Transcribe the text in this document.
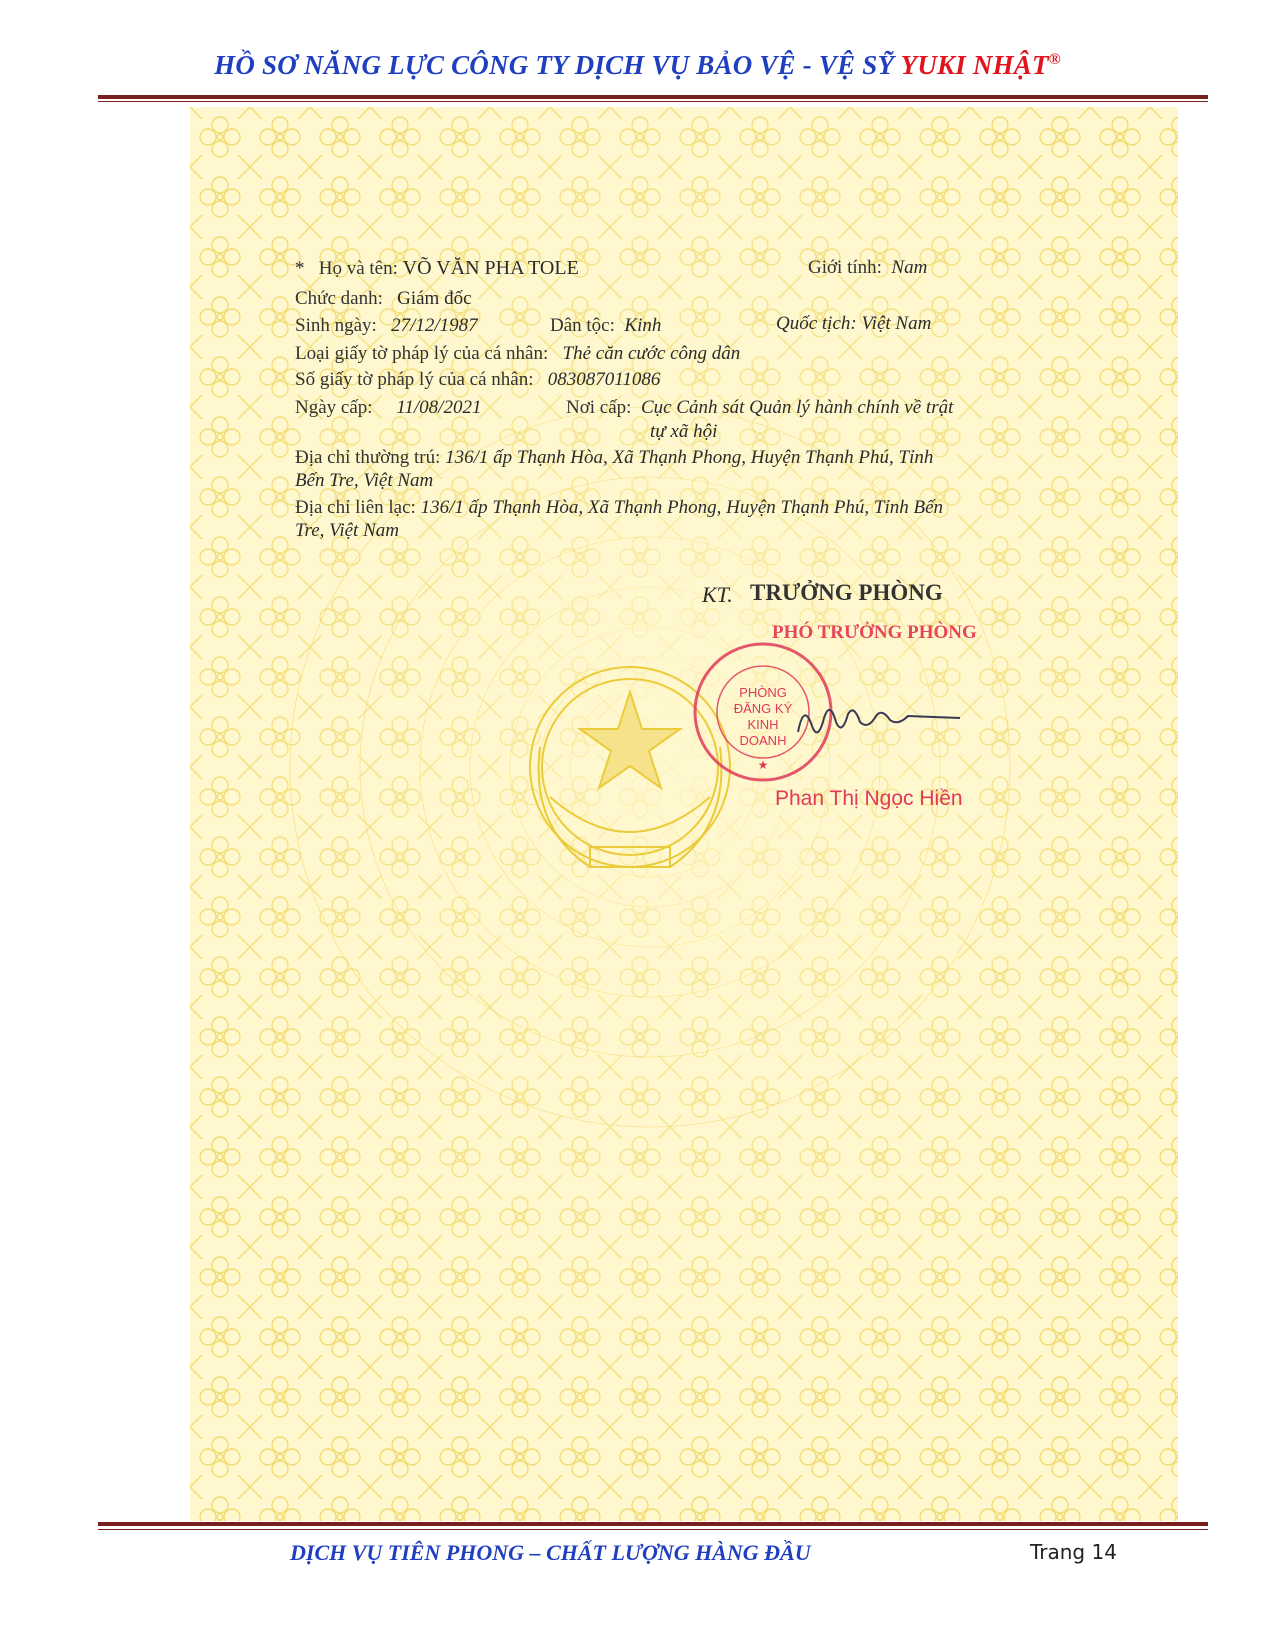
HỒ SƠ NĂNG LỰC CÔNG TY DỊCH VỤ BẢO VỆ - VỆ SỸ YUKI NHẬT®
* Họ và tên: VÕ VĂN PHA TOLE	Giới tính: Nam
Chức danh: Giám đốc
Sinh ngày: 27/12/1987	Dân tộc: Kinh	Quốc tịch: Việt Nam
Loại giấy tờ pháp lý của cá nhân: Thẻ căn cước công dân
Số giấy tờ pháp lý của cá nhân: 083087011086
Ngày cấp: 11/08/2021	Nơi cấp: Cục Cảnh sát Quản lý hành chính về trật
tự xã hội
Địa chỉ thường trú: 136/1 ấp Thạnh Hòa, Xã Thạnh Phong, Huyện Thạnh Phú, Tỉnh
Bến Tre, Việt Nam
Địa chỉ liên lạc: 136/1 ấp Thạnh Hòa, Xã Thạnh Phong, Huyện Thạnh Phú, Tỉnh Bến
Tre, Việt Nam
KT. TRƯỞNG PHÒNG
PHÓ TRƯỞNG PHÒNG
★
PHÒNG
ĐĂNG KÝ
KINH DOANH
Phan Thị Ngọc Hiền
DỊCH VỤ TIÊN PHONG – CHẤT LƯỢNG HÀNG ĐẦU	Trang 14
